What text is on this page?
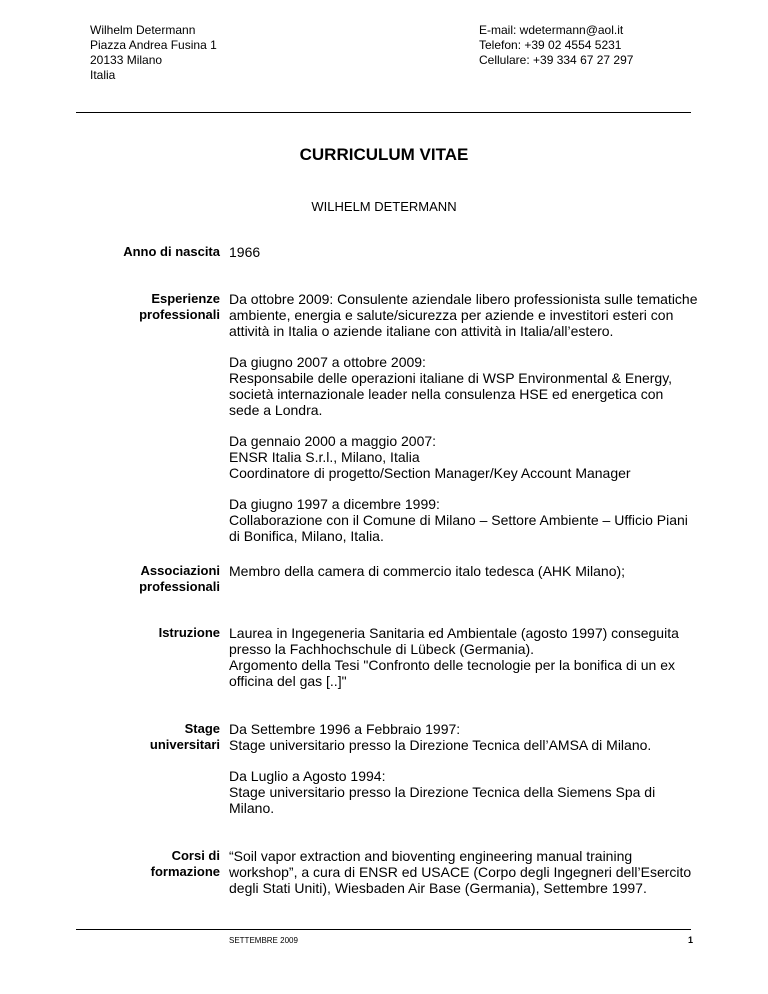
Wilhelm Determann
Piazza Andrea Fusina 1
20133 Milano
Italia
E-mail: wdetermann@aol.it
Telefon: +39 02 4554 5231
Cellulare: +39 334 67 27 297
CURRICULUM VITAE
WILHELM DETERMANN
Anno di nascita 1966
Esperienze
professionali
Da ottobre 2009: Consulente aziendale libero professionista sulle tematiche
ambiente, energia e salute/sicurezza per aziende e investitori esteri con
attività in Italia o aziende italiane con attività in Italia/all’estero.
Da giugno 2007 a ottobre 2009:
Responsabile delle operazioni italiane di WSP Environmental & Energy,
società internazionale leader nella consulenza HSE ed energetica con
sede a Londra.
Da gennaio 2000 a maggio 2007:
ENSR Italia S.r.l., Milano, Italia
Coordinatore di progetto/Section Manager/Key Account Manager
Da giugno 1997 a dicembre 1999:
Collaborazione con il Comune di Milano – Settore Ambiente – Ufficio Piani
di Bonifica, Milano, Italia.
Associazioni
professionali
Membro della camera di commercio italo tedesca (AHK Milano);
Istruzione Laurea in Ingegeneria Sanitaria ed Ambientale (agosto 1997) conseguita
presso la Fachhochschule di Lübeck (Germania).
Argomento della Tesi "Confronto delle tecnologie per la bonifica di un ex
officina del gas [..]"
Stage
universitari
Da Settembre 1996 a Febbraio 1997:
Stage universitario presso la Direzione Tecnica dell’AMSA di Milano.
Da Luglio a Agosto 1994:
Stage universitario presso la Direzione Tecnica della Siemens Spa di
Milano.
Corsi di
formazione
“Soil vapor extraction and bioventing engineering manual training
workshop”, a cura di ENSR ed USACE (Corpo degli Ingegneri dell’Esercito
degli Stati Uniti), Wiesbaden Air Base (Germania), Settembre 1997.
SETTEMBRE 2009	1
